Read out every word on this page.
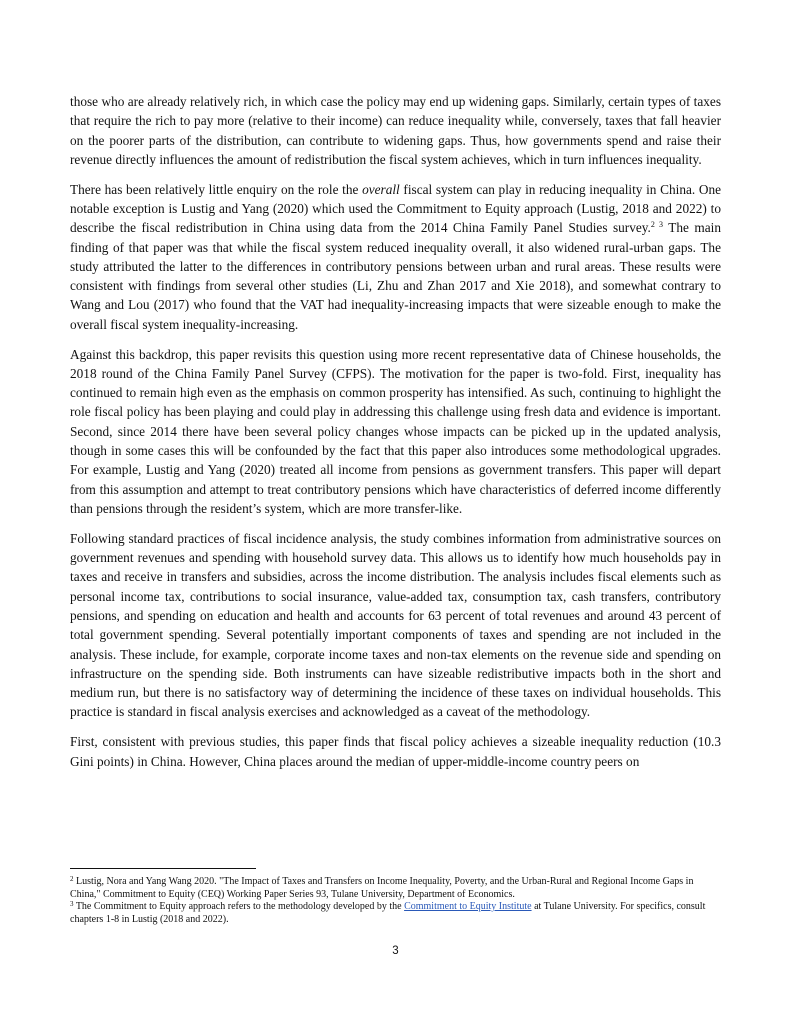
those who are already relatively rich, in which case the policy may end up widening gaps. Similarly, certain types of taxes that require the rich to pay more (relative to their income) can reduce inequality while, conversely, taxes that fall heavier on the poorer parts of the distribution, can contribute to widening gaps. Thus, how governments spend and raise their revenue directly influences the amount of redistribution the fiscal system achieves, which in turn influences inequality.

There has been relatively little enquiry on the role the overall fiscal system can play in reducing inequality in China. One notable exception is Lustig and Yang (2020) which used the Commitment to Equity approach (Lustig, 2018 and 2022) to describe the fiscal redistribution in China using data from the 2014 China Family Panel Studies survey.$^{2 3}$ The main finding of that paper was that while the fiscal system reduced inequality overall, it also widened rural-urban gaps. The study attributed the latter to the differences in contributory pensions between urban and rural areas. These results were consistent with findings from several other studies (Li, Zhu and Zhan 2017 and Xie 2018), and somewhat contrary to Wang and Lou (2017) who found that the VAT had inequality-increasing impacts that were sizeable enough to make the overall fiscal system inequality-increasing.

Against this backdrop, this paper revisits this question using more recent representative data of Chinese households, the 2018 round of the China Family Panel Survey (CFPS). The motivation for the paper is two-fold. First, inequality has continued to remain high even as the emphasis on common prosperity has intensified. As such, continuing to highlight the role fiscal policy has been playing and could play in addressing this challenge using fresh data and evidence is important. Second, since 2014 there have been several policy changes whose impacts can be picked up in the updated analysis, though in some cases this will be confounded by the fact that this paper also introduces some methodological upgrades. For example, Lustig and Yang (2020) treated all income from pensions as government transfers. This paper will depart from this assumption and attempt to treat contributory pensions which have characteristics of deferred income differently than pensions through the resident’s system, which are more transfer-like.

Following standard practices of fiscal incidence analysis, the study combines information from administrative sources on government revenues and spending with household survey data. This allows us to identify how much households pay in taxes and receive in transfers and subsidies, across the income distribution. The analysis includes fiscal elements such as personal income tax, contributions to social insurance, value-added tax, consumption tax, cash transfers, contributory pensions, and spending on education and health and accounts for 63 percent of total revenues and around 43 percent of total government spending. Several potentially important components of taxes and spending are not included in the analysis. These include, for example, corporate income taxes and non-tax elements on the revenue side and spending on infrastructure on the spending side. Both instruments can have sizeable redistributive impacts both in the short and medium run, but there is no satisfactory way of determining the incidence of these taxes on individual households. This practice is standard in fiscal analysis exercises and acknowledged as a caveat of the methodology.

First, consistent with previous studies, this paper finds that fiscal policy achieves a sizeable inequality reduction (10.3 Gini points) in China. However, China places around the median of upper-middle-income country peers on

$^2$ Lustig, Nora and Yang Wang 2020. "The Impact of Taxes and Transfers on Income Inequality, Poverty, and the Urban-Rural and Regional Income Gaps in China," Commitment to Equity (CEQ) Working Paper Series 93, Tulane University, Department of Economics.

$^3$ The Commitment to Equity approach refers to the methodology developed by the Commitment to Equity Institute at Tulane University. For specifics, consult chapters 1-8 in Lustig (2018 and 2022).

3
